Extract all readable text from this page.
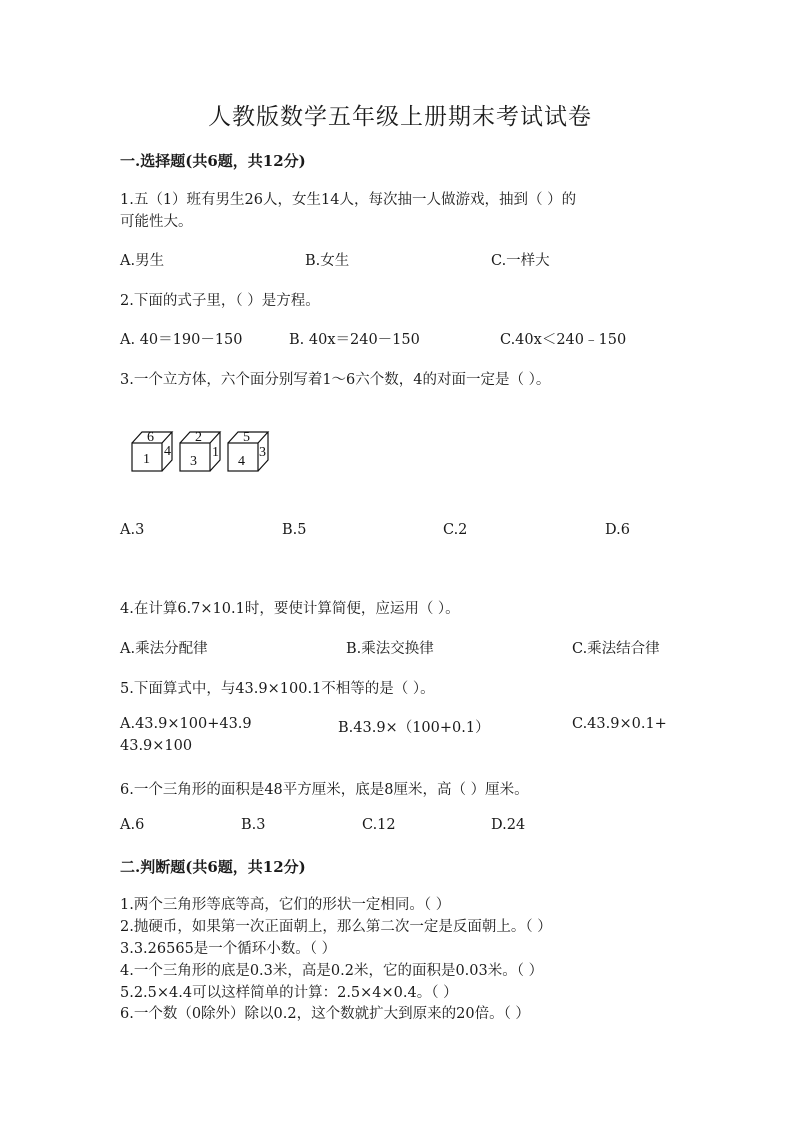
人教版数学五年级上册期末考试试卷
一.选择题(共6题，共12分)
1.五（1）班有男生26人，女生14人，每次抽一人做游戏，抽到（ ）的
可能性大。
A.男生	B.女生	C.一样大
2.下面的式子里，（ ）是方程。
A. 40＝190－150	B. 40x＝240－150	C.40x＜240﹣150
3.一个立方体，六个面分别写着1～6六个数，4的对面一定是（ ）。
6
1
4
2
3
1
5
4
3
A.3	B.5	C.2	D.6
4.在计算6.7×10.1时，要使计算简便，应运用（ ）。
A.乘法分配律	B.乘法交换律	C.乘法结合律
5.下面算式中，与43.9×100.1不相等的是（ ）。
A.43.9×100+43.9	B.43.9×（100+0.1）	C.43.9×0.1+
43.9×100
6.一个三角形的面积是48平方厘米，底是8厘米，高（ ）厘米。
A.6	B.3	C.12	D.24
二.判断题(共6题，共12分)
1.两个三角形等底等高，它们的形状一定相同。（ ）
2.抛硬币，如果第一次正面朝上，那么第二次一定是反面朝上。（ ）
3.3.26565是一个循环小数。（ ）
4.一个三角形的底是0.3米，高是0.2米，它的面积是0.03米。（ ）
5.2.5×4.4可以这样简单的计算：2.5×4×0.4。（ ）
6.一个数（0除外）除以0.2，这个数就扩大到原来的20倍。（ ）
